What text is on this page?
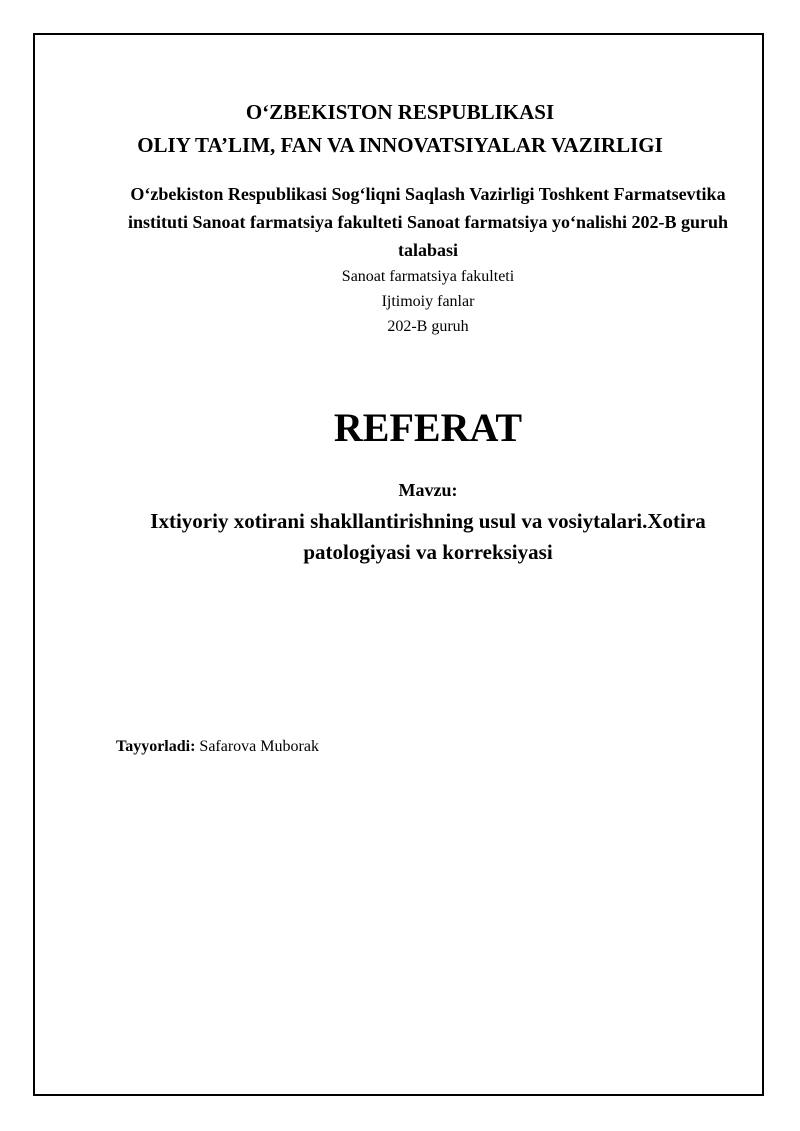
O‘ZBEKISTON RESPUBLIKASI
OLIY TA’LIM, FAN VA INNOVATSIYALAR VAZIRLIGI
O‘zbekiston Respublikasi Sog‘liqni Saqlash Vazirligi Toshkent Farmatsevtika instituti Sanoat farmatsiya fakulteti Sanoat farmatsiya yo‘nalishi 202-B guruh talabasi
Sanoat farmatsiya fakulteti
Ijtimoiy fanlar
202-B guruh
REFERAT
Mavzu:
Ixtiyoriy xotirani shakllantirishning usul va vosiytalari.Xotira patologiyasi va korreksiyasi
Tayyorladi: Safarova Muborak
